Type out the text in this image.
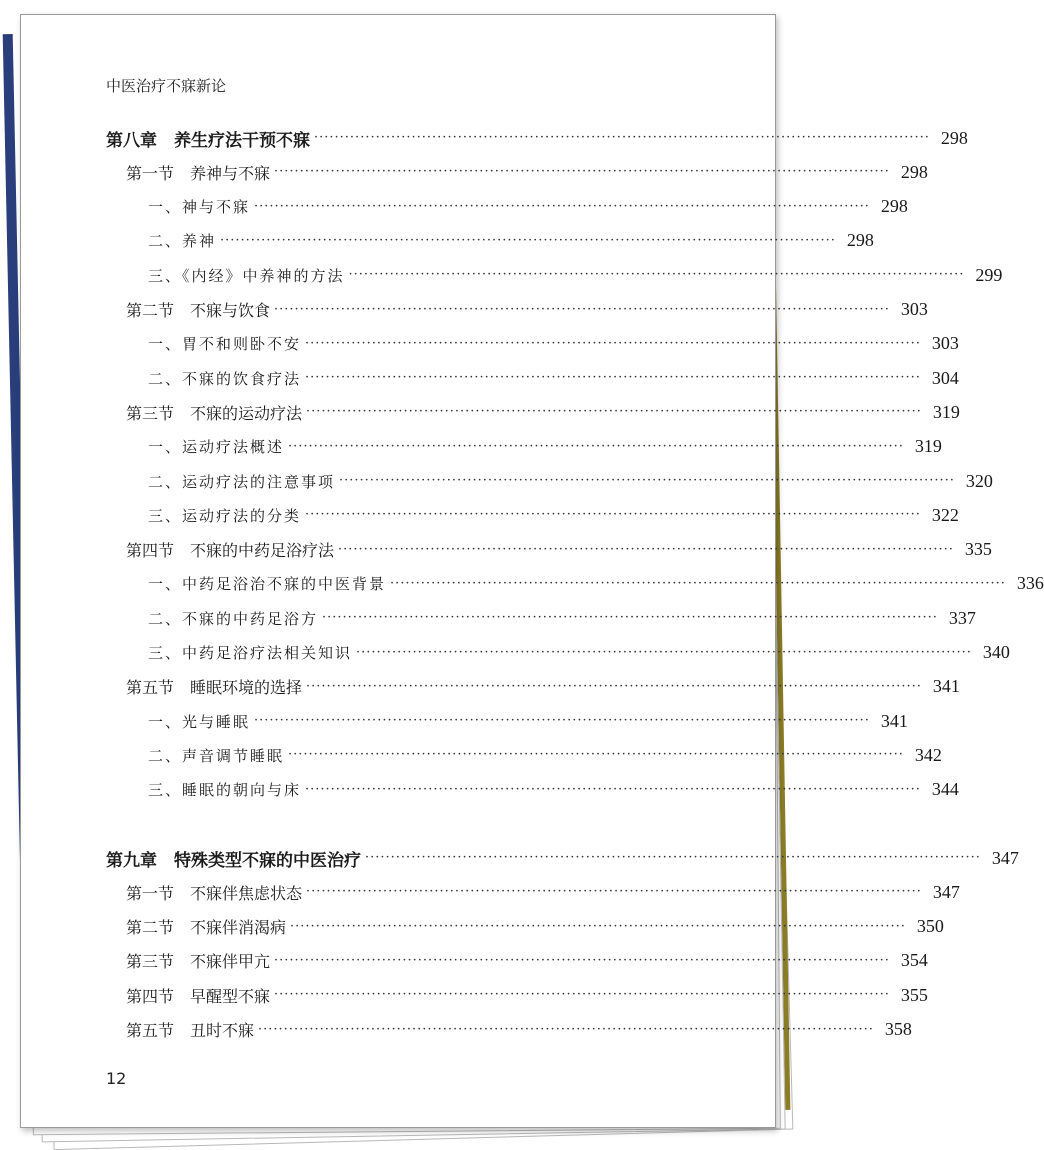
中医治疗不寐新论
第八章　养生疗法干预不寐 ························································································································ 298
第一节　养神与不寐 ························································································································ 298
一、神与不寐 ························································································································ 298
二、养神 ························································································································ 298
三、《内经》中养神的方法 ························································································································ 299
第二节　不寐与饮食 ························································································································ 303
一、胃不和则卧不安 ························································································································ 303
二、不寐的饮食疗法 ························································································································ 304
第三节　不寐的运动疗法 ························································································································ 319
一、运动疗法概述 ························································································································ 319
二、运动疗法的注意事项 ························································································································ 320
三、运动疗法的分类 ························································································································ 322
第四节　不寐的中药足浴疗法 ························································································································ 335
一、中药足浴治不寐的中医背景 ························································································································ 336
二、不寐的中药足浴方 ························································································································ 337
三、中药足浴疗法相关知识 ························································································································ 340
第五节　睡眠环境的选择 ························································································································ 341
一、光与睡眠 ························································································································ 341
二、声音调节睡眠 ························································································································ 342
三、睡眠的朝向与床 ························································································································ 344
第九章　特殊类型不寐的中医治疗 ························································································································ 347
第一节　不寐伴焦虑状态 ························································································································ 347
第二节　不寐伴消渴病 ························································································································ 350
第三节　不寐伴甲亢 ························································································································ 354
第四节　早醒型不寐 ························································································································ 355
第五节　丑时不寐 ························································································································ 358
12
